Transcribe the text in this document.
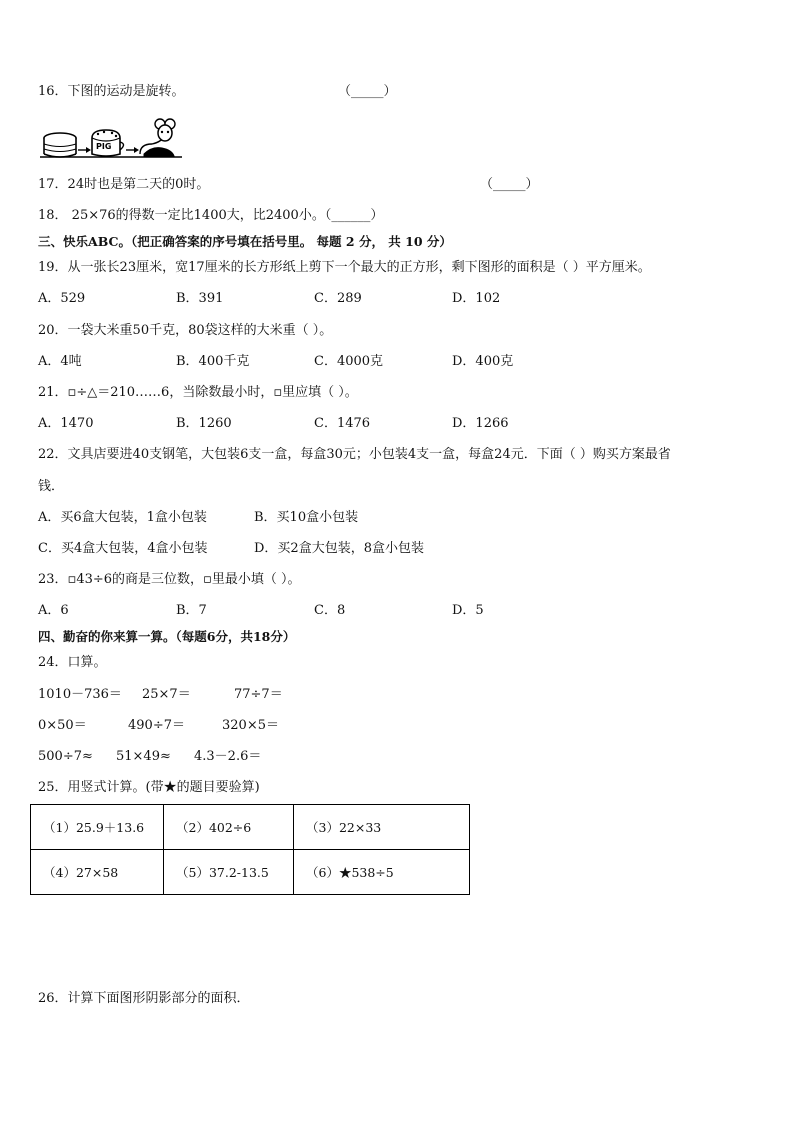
16．下图的运动是旋转。	（_____）
PIG
17．24时也是第二天的0时。	（_____）
18． 25×76的得数一定比1400大，比2400小。（______）
三、快乐ABC。（把正确答案的序号填在括号里。 每题 2 分， 共 10 分）
19．从一张长23厘米，宽17厘米的长方形纸上剪下一个最大的正方形，剩下图形的面积是（ ）平方厘米。
A．529	B．391	C．289	D．102
20．一袋大米重50千克，80袋这样的大米重（ ）。
A．4吨	B．400千克	C．4000克	D．400克
21．▫÷△＝210……6，当除数最小时，▫里应填（ ）。
A．1470	B．1260	C．1476	D．1266
22．文具店要进40支钢笔，大包装6支一盒，每盒30元；小包装4支一盒，每盒24元．下面（ ）购买方案最省
钱．
A．买6盒大包装，1盒小包装	B．买10盒小包装
C．买4盒大包装，4盒小包装	D．买2盒大包装，8盒小包装
23．▫43÷6的商是三位数，▫里最小填（ ）。
A．6	B．7	C．8	D．5
四、勤奋的你来算一算。（每题6分，共18分）
24．口算。
1010－736＝ 25×7＝	77÷7＝
0×50＝	490÷7＝	320×5＝
500÷7≈ 51×49≈ 4.3－2.6＝
25．用竖式计算。(带★的题目要验算)
（1）25.9＋13.6	（2）402÷6	（3）22×33
（4）27×58	（5）37.2-13.5	（6）★538÷5
26．计算下面图形阴影部分的面积．
